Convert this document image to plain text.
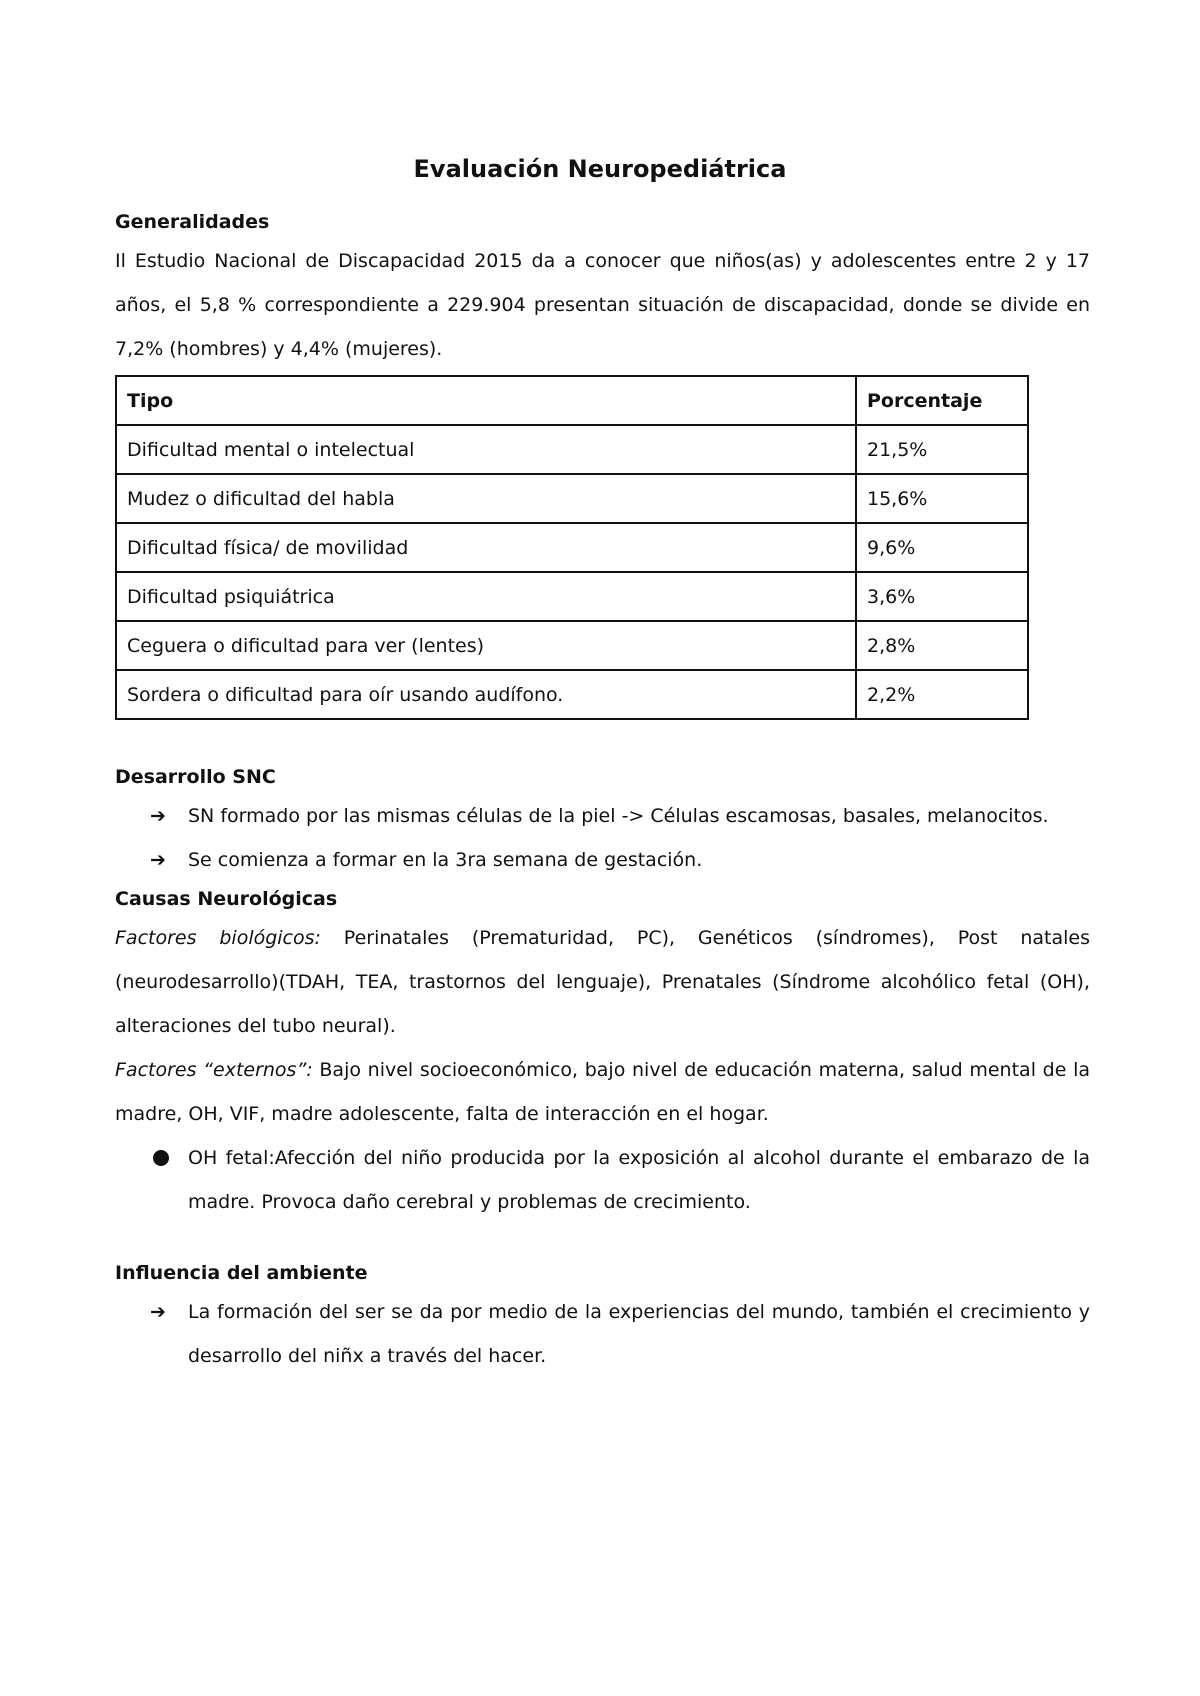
Evaluación Neuropediátrica
Generalidades

Il Estudio Nacional de Discapacidad 2015 da a conocer que niños(as) y adolescentes entre 2 y 17 años, el 5,8 % correspondiente a 229.904 presentan situación de discapacidad, donde se divide en 7,2% (hombres) y 4,4% (mujeres).

Tipo	Porcentaje
Dificultad mental o intelectual	21,5%
Mudez o dificultad del habla	15,6%
Dificultad física/ de movilidad	9,6%
Dificultad psiquiátrica	3,6%
Ceguera o dificultad para ver (lentes)	2,8%
Sordera o dificultad para oír usando audífono.	2,2%
Desarrollo SNC
➔ SN formado por las mismas células de la piel -> Células escamosas, basales, melanocitos.
➔ Se comienza a formar en la 3ra semana de gestación.
Causas Neurológicas

Factores biológicos: Perinatales (Prematuridad, PC), Genéticos (síndromes), Post natales (neurodesarrollo)(TDAH, TEA, trastornos del lenguaje), Prenatales (Síndrome alcohólico fetal (OH), alteraciones del tubo neural).

Factores “externos”: Bajo nivel socioeconómico, bajo nivel de educación materna, salud mental de la madre, OH, VIF, madre adolescente, falta de interacción en el hogar.

OH fetal:Afección del niño producida por la exposición al alcohol durante el embarazo de la madre. Provoca daño cerebral y problemas de crecimiento.
Influencia del ambiente
➔ La formación del ser se da por medio de la experiencias del mundo, también el crecimiento y desarrollo del niñx a través del hacer.
